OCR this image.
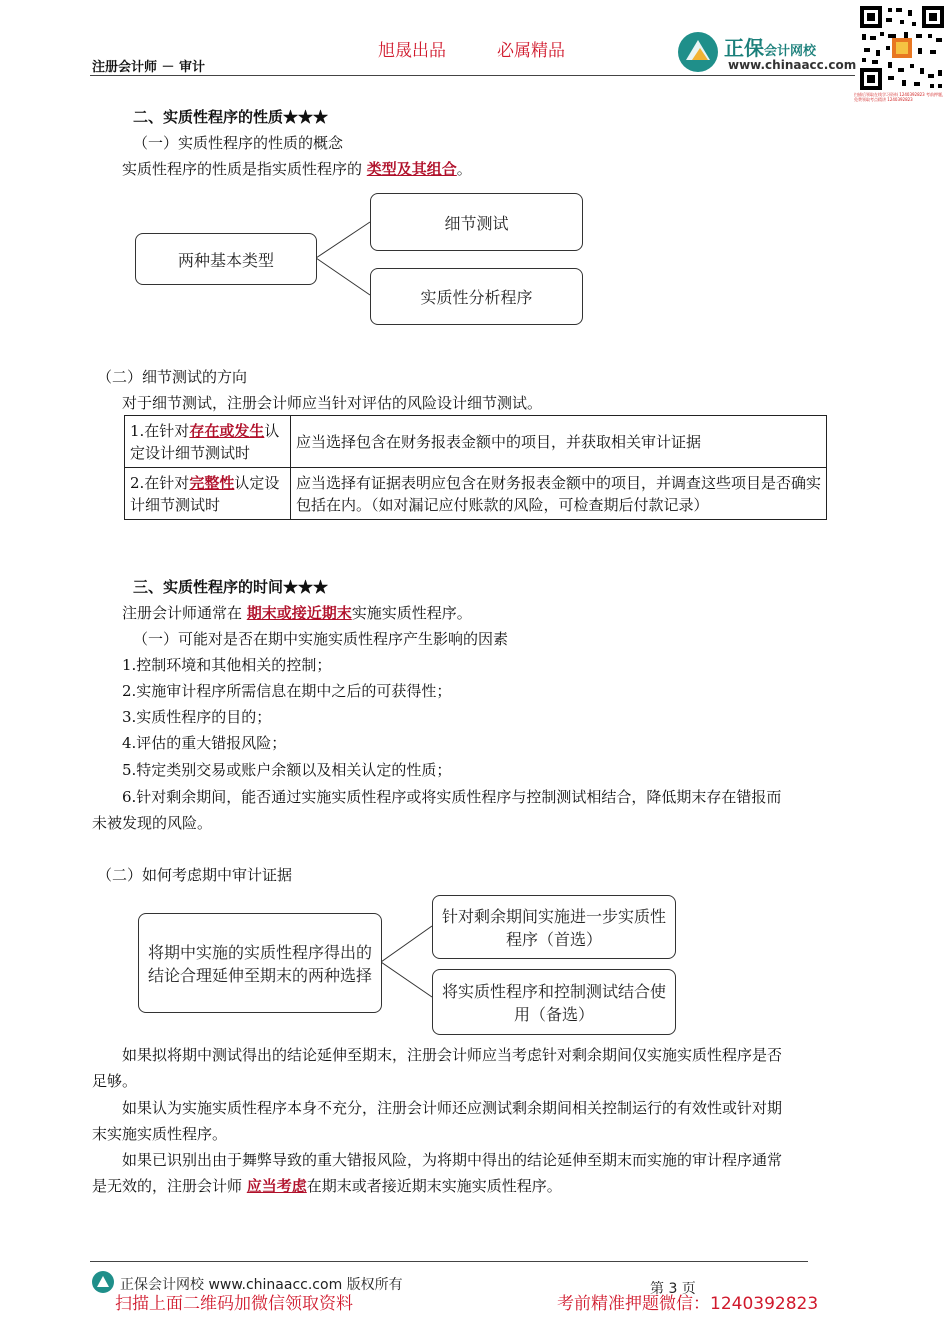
注册会计师 － 审计
旭晟出品	必属精品	正保会计网校
www.chinaacc.com
扫描后领取在线学习资料 1240392823 考前押题，免费领取考点精讲 1240392823
二、实质性程序的性质★★★
（一）实质性程序的性质的概念
实质性程序的性质是指实质性程序的 类型及其组合。
两种基本类型
细节测试
实质性分析程序
（二）细节测试的方向
对于细节测试，注册会计师应当针对评估的风险设计细节测试。
1.在针对存在或发生认定设计细节测试时	应当选择包含在财务报表金额中的项目，并获取相关审计证据
2.在针对完整性认定设计细节测试时	应当选择有证据表明应包含在财务报表金额中的项目，并调查这些项目是否确实包括在内。（如对漏记应付账款的风险，可检查期后付款记录）
三、实质性程序的时间★★★
注册会计师通常在 期末或接近期末实施实质性程序。
（一）可能对是否在期中实施实质性程序产生影响的因素
1.控制环境和其他相关的控制；
2.实施审计程序所需信息在期中之后的可获得性；
3.实质性程序的目的；
4.评估的重大错报风险；
5.特定类别交易或账户余额以及相关认定的性质；
6.针对剩余期间，能否通过实施实质性程序或将实质性程序与控制测试相结合，降低期末存在错报而
未被发现的风险。
（二）如何考虑期中审计证据
将期中实施的实质性程序得出的
结论合理延伸至期末的两种选择
针对剩余期间实施进一步实质性
程序（首选）
将实质性程序和控制测试结合使
用（备选）
如果拟将期中测试得出的结论延伸至期末，注册会计师应当考虑针对剩余期间仅实施实质性程序是否
足够。
如果认为实施实质性程序本身不充分，注册会计师还应测试剩余期间相关控制运行的有效性或针对期
末实施实质性程序。
如果已识别出由于舞弊导致的重大错报风险，为将期中得出的结论延伸至期末而实施的审计程序通常
是无效的，注册会计师 应当考虑在期末或者接近期末实施实质性程序。
正保会计网校 www.chinaacc.com 版权所有	第 3 页
扫描上面二维码加微信领取资料	考前精准押题微信：1240392823
